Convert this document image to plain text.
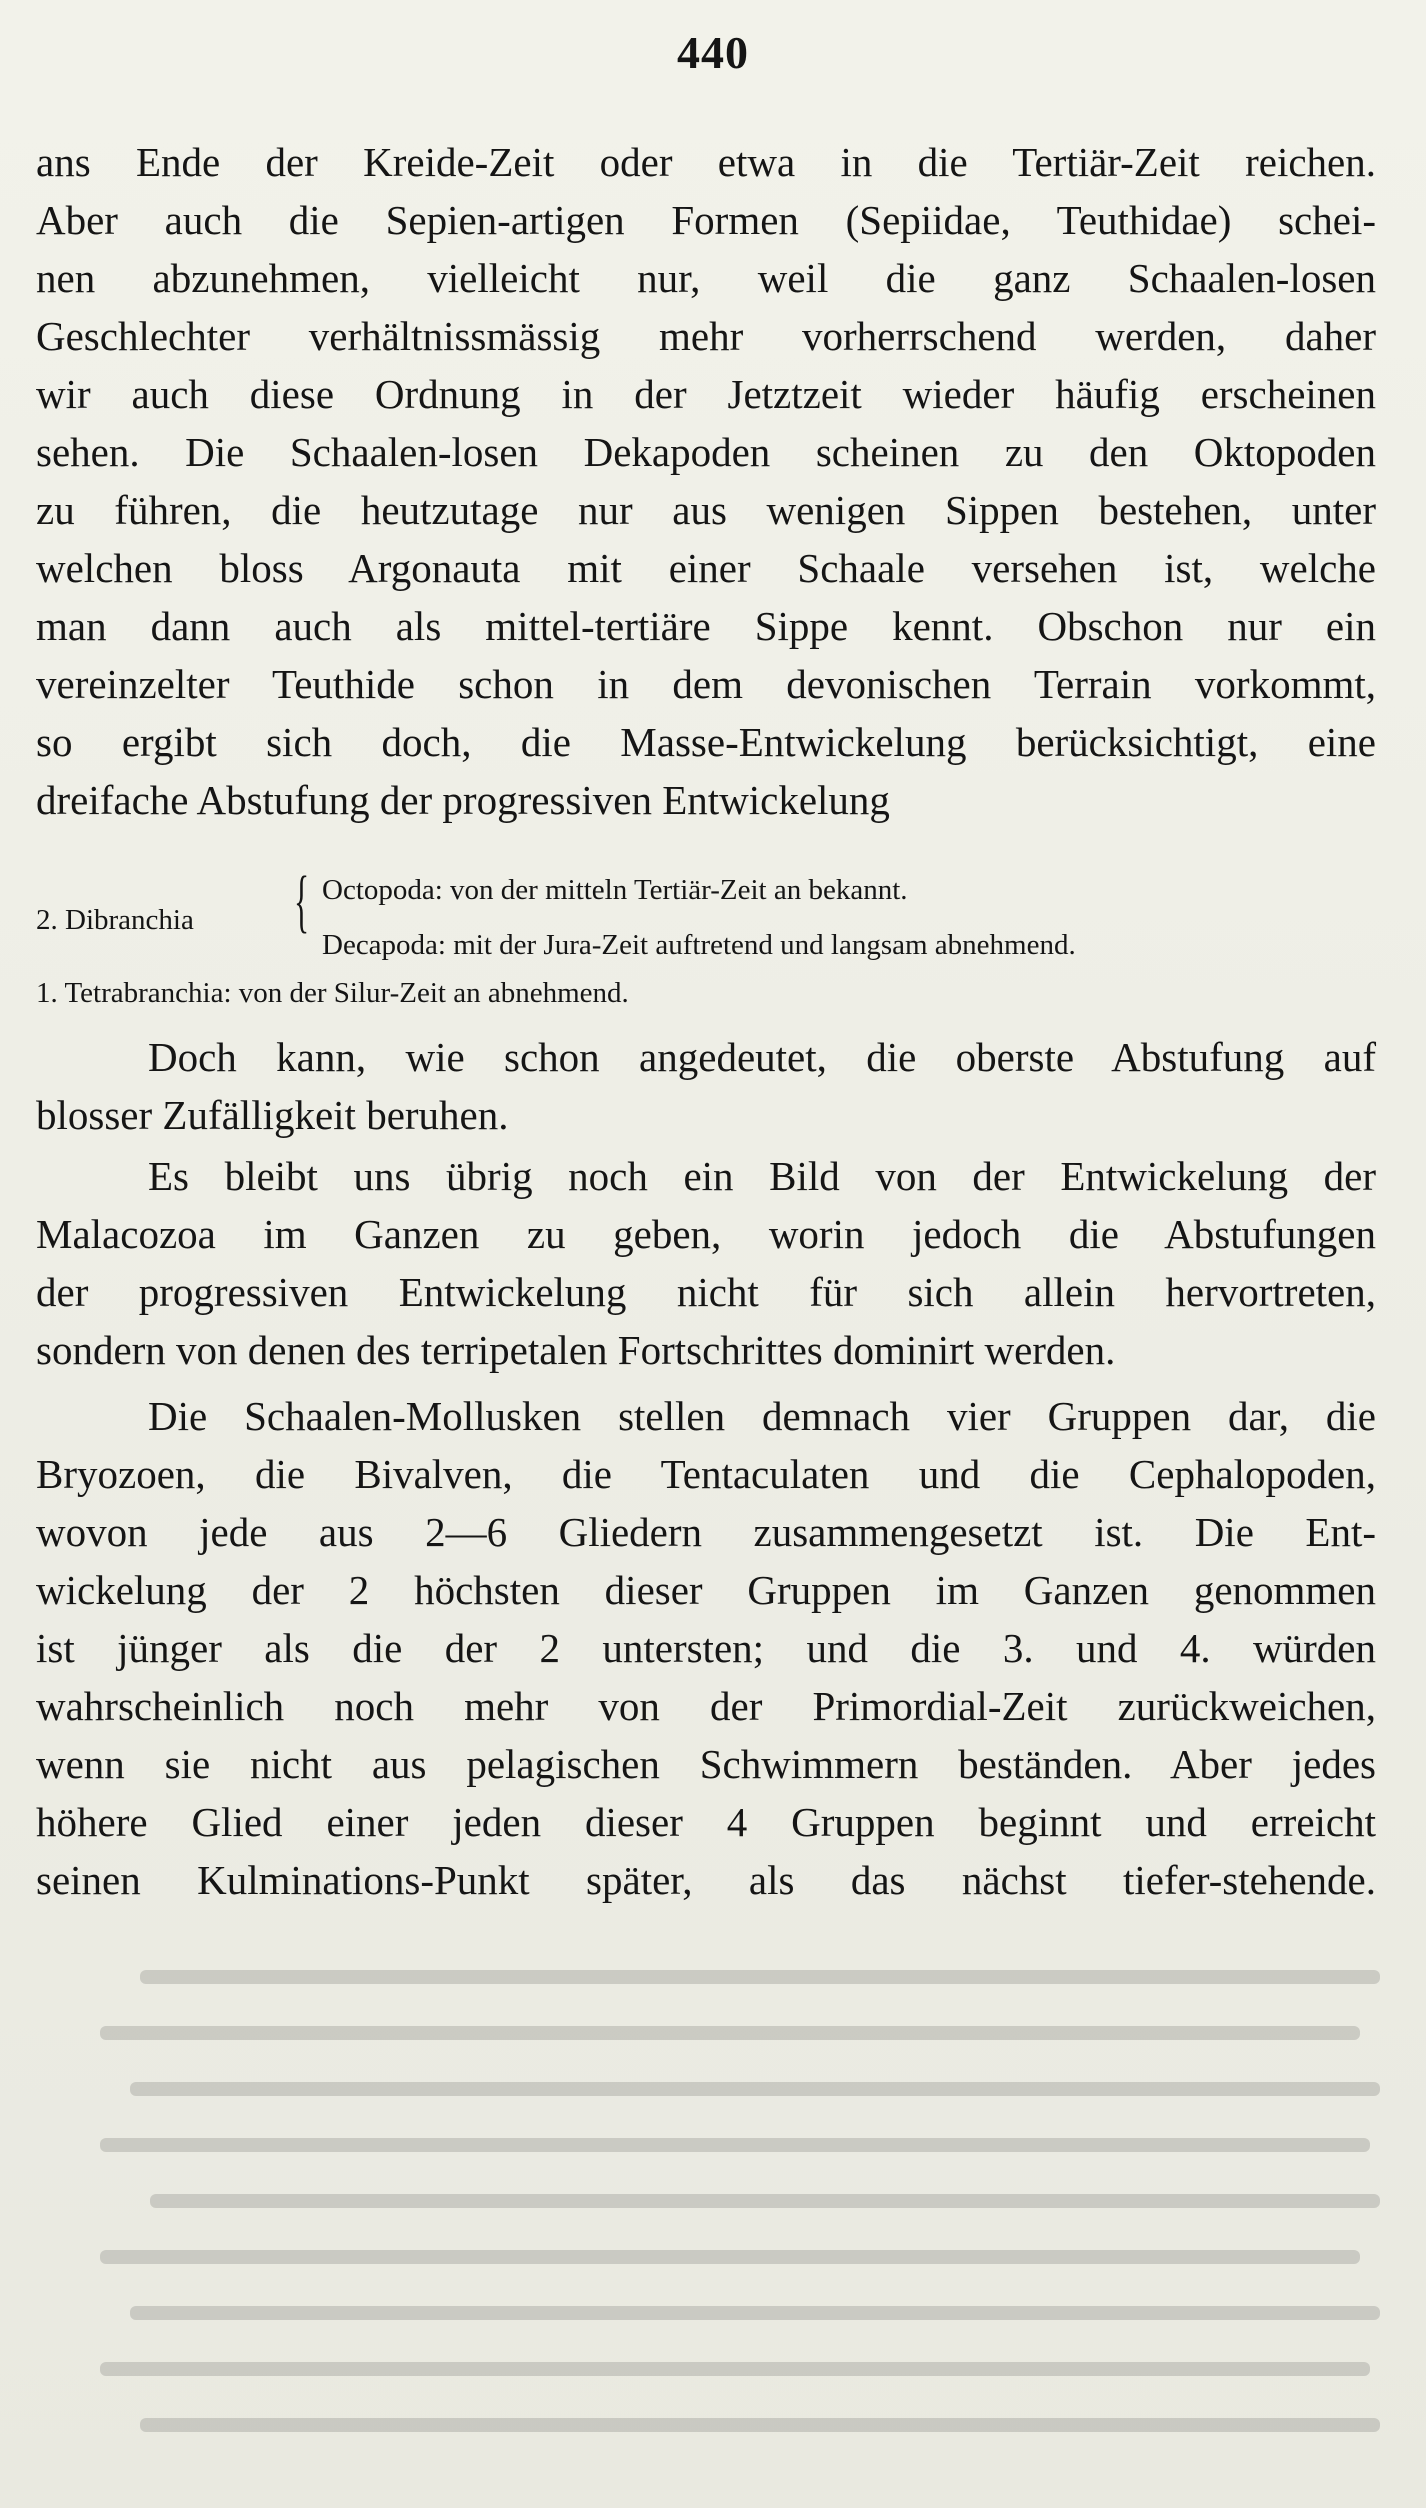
440
ans Ende der Kreide-Zeit oder etwa in die Tertiär-Zeit reichen.
Aber auch die Sepien-artigen Formen (Sepiidae, Teuthidae) schei-
nen abzunehmen, vielleicht nur, weil die ganz Schaalen-losen
Geschlechter verhältnissmässig mehr vorherrschend werden, daher
wir auch diese Ordnung in der Jetztzeit wieder häufig erscheinen
sehen. Die Schaalen-losen Dekapoden scheinen zu den Oktopoden
zu führen, die heutzutage nur aus wenigen Sippen bestehen, unter
welchen bloss Argonauta mit einer Schaale versehen ist, welche
man dann auch als mittel-tertiäre Sippe kennt. Obschon nur ein
vereinzelter Teuthide schon in dem devonischen Terrain vorkommt,
so ergibt sich doch, die Masse-Entwickelung berücksichtigt, eine
dreifache Abstufung der progressiven Entwickelung
2. Dibranchia { Octopoda: von der mitteln Tertiär-Zeit an bekannt.
Decapoda: mit der Jura-Zeit auftretend und langsam abnehmend.
1. Tetrabranchia: von der Silur-Zeit an abnehmend.
Doch kann, wie schon angedeutet, die oberste Abstufung auf
blosser Zufälligkeit beruhen.
Es bleibt uns übrig noch ein Bild von der Entwickelung der
Malacozoa im Ganzen zu geben, worin jedoch die Abstufungen
der progressiven Entwickelung nicht für sich allein hervortreten,
sondern von denen des terripetalen Fortschrittes dominirt werden.
Die Schaalen-Mollusken stellen demnach vier Gruppen dar, die
Bryozoen, die Bivalven, die Tentaculaten und die Cephalopoden,
wovon jede aus 2—6 Gliedern zusammengesetzt ist. Die Ent-
wickelung der 2 höchsten dieser Gruppen im Ganzen genommen
ist jünger als die der 2 untersten; und die 3. und 4. würden
wahrscheinlich noch mehr von der Primordial-Zeit zurückweichen,
wenn sie nicht aus pelagischen Schwimmern beständen. Aber jedes
höhere Glied einer jeden dieser 4 Gruppen beginnt und erreicht
seinen Kulminations-Punkt später, als das nächst tiefer-stehende.
